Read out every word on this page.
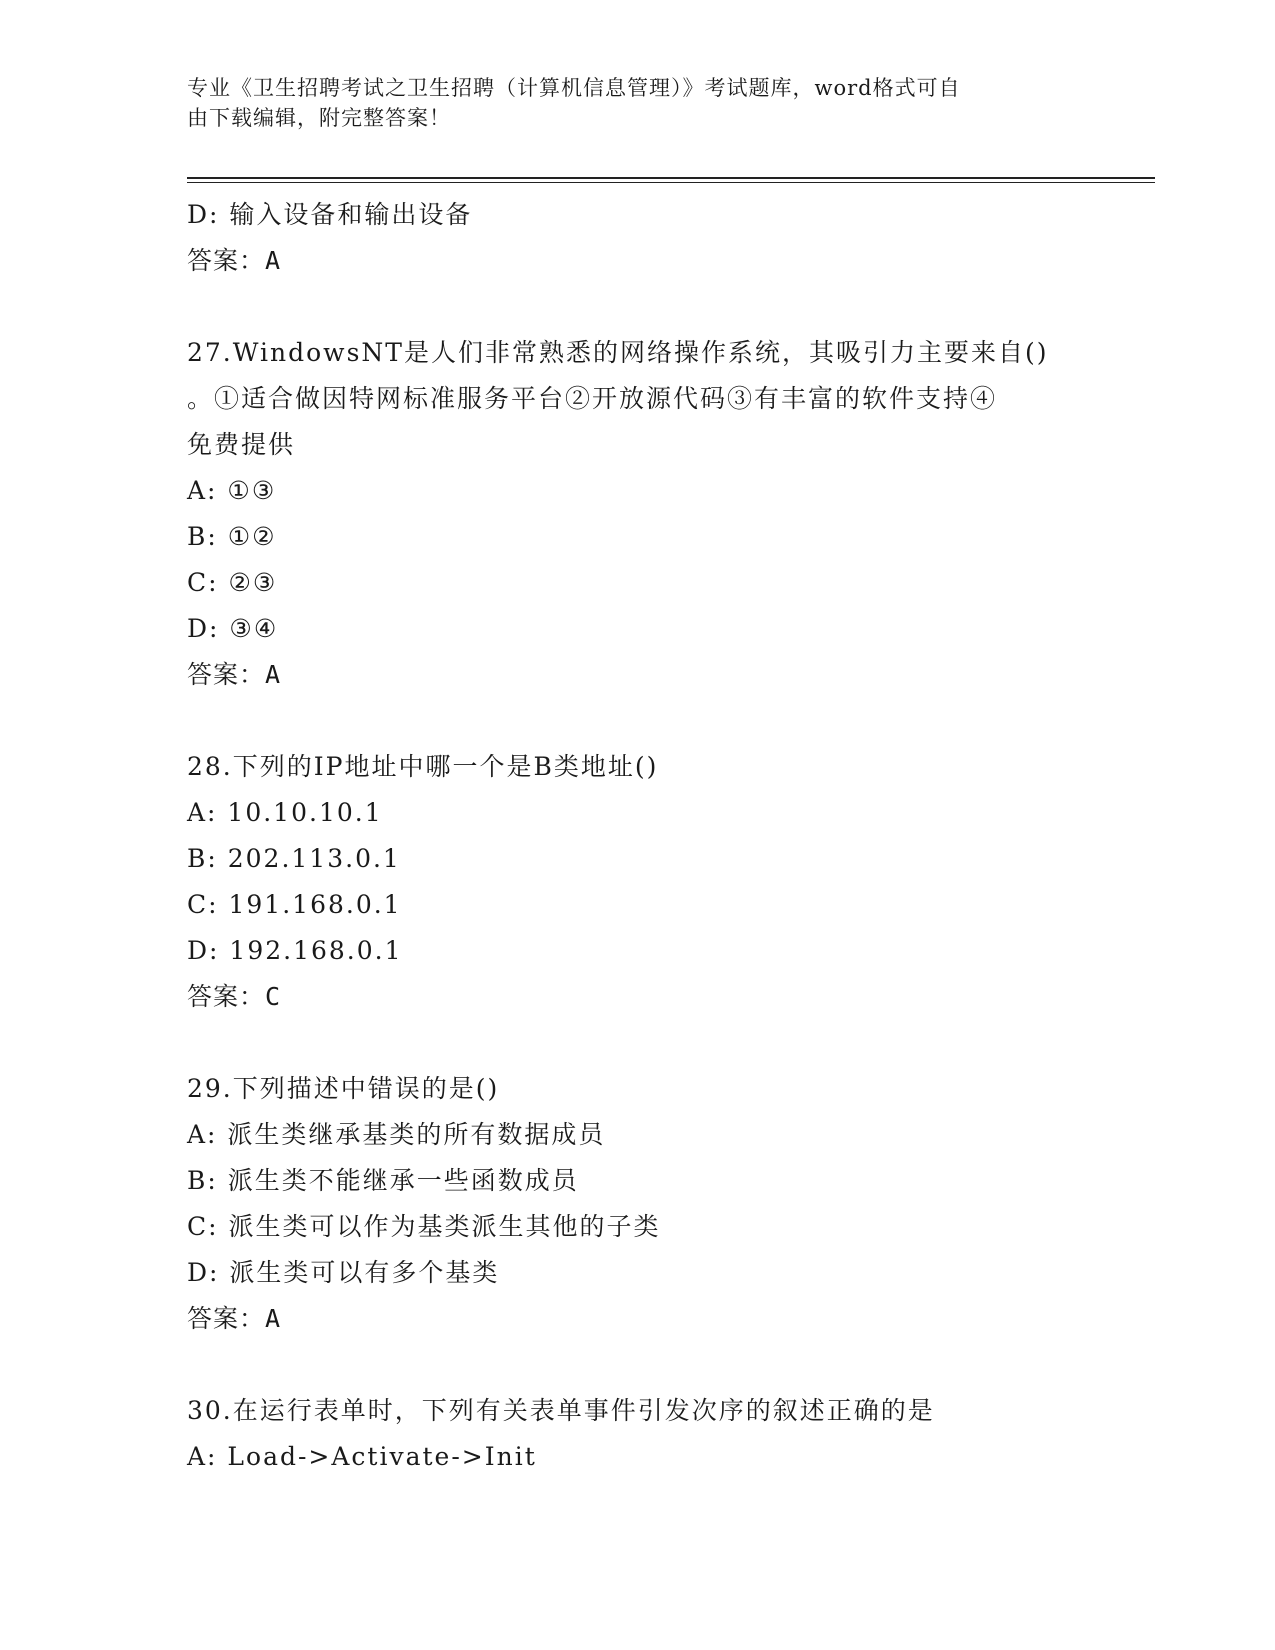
专业《卫生招聘考试之卫生招聘（计算机信息管理）》考试题库，word格式可自
由下载编辑，附完整答案！
D: 输入设备和输出设备
答案：A
27.WindowsNT是人们非常熟悉的网络操作系统，其吸引力主要来自()
。①适合做因特网标准服务平台②开放源代码③有丰富的软件支持④
免费提供
A: ①③
B: ①②
C: ②③
D: ③④
答案：A
28.下列的IP地址中哪一个是B类地址()
A: 10.10.10.1
B: 202.113.0.1
C: 191.168.0.1
D: 192.168.0.1
答案：C
29.下列描述中错误的是()
A: 派生类继承基类的所有数据成员
B: 派生类不能继承一些函数成员
C: 派生类可以作为基类派生其他的子类
D: 派生类可以有多个基类
答案：A
30.在运行表单时，下列有关表单事件引发次序的叙述正确的是
A: Load->Activate->Init
